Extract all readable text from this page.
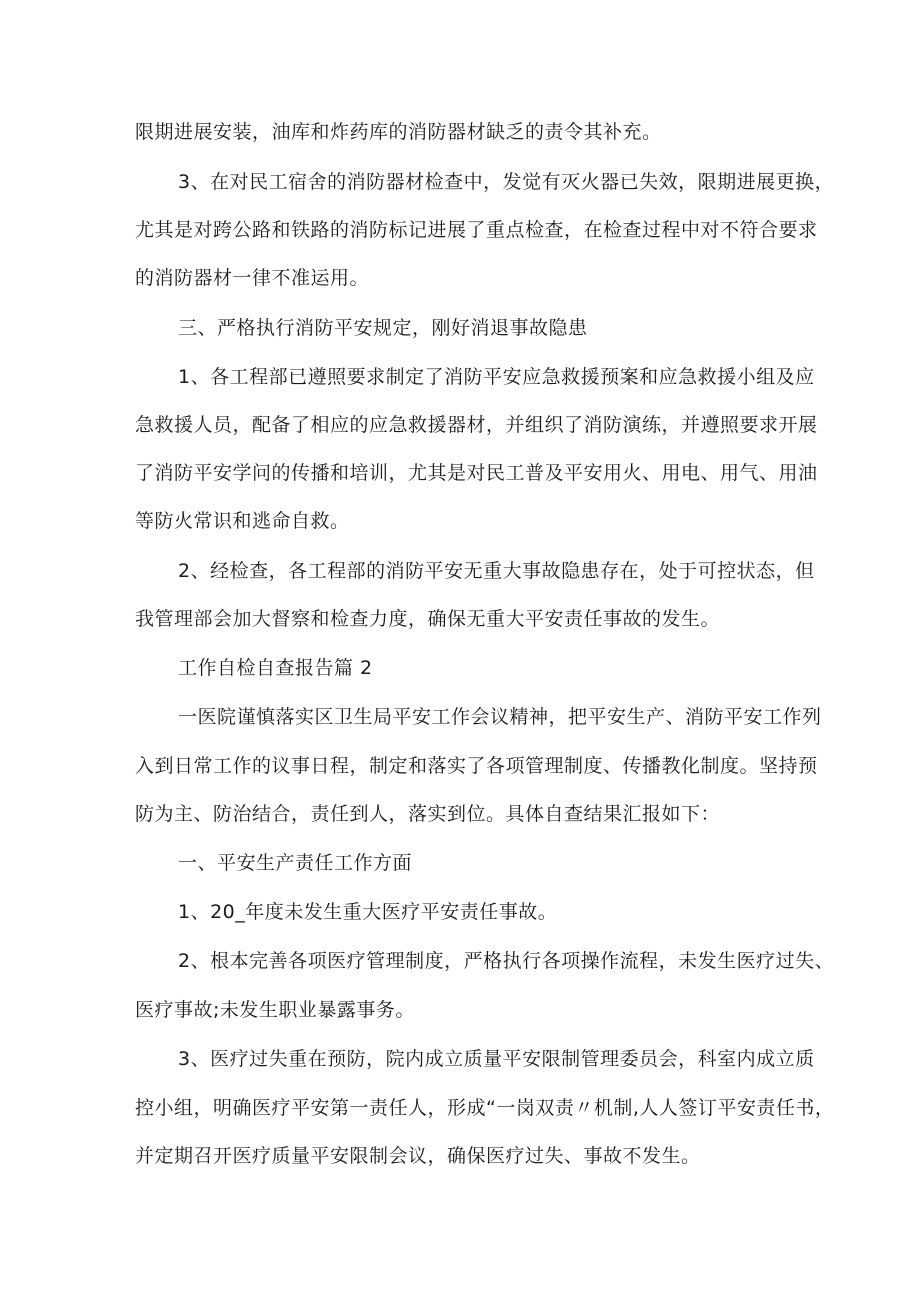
限期进展安装，油库和炸药库的消防器材缺乏的责令其补充。
3、在对民工宿舍的消防器材检查中，发觉有灭火器已失效，限期进展更换，
尤其是对跨公路和铁路的消防标记进展了重点检查，在检查过程中对不符合要求
的消防器材一律不准运用。
三、严格执行消防平安规定，刚好消退事故隐患
1、各工程部已遵照要求制定了消防平安应急救援预案和应急救援小组及应
急救援人员，配备了相应的应急救援器材，并组织了消防演练，并遵照要求开展
了消防平安学问的传播和培训，尤其是对民工普及平安用火、用电、用气、用油
等防火常识和逃命自救。
2、经检查，各工程部的消防平安无重大事故隐患存在，处于可控状态，但
我管理部会加大督察和检查力度，确保无重大平安责任事故的发生。
工作自检自查报告篇 2
一医院谨慎落实区卫生局平安工作会议精神，把平安生产、消防平安工作列
入到日常工作的议事日程，制定和落实了各项管理制度、传播教化制度。坚持预
防为主、防治结合，责任到人，落实到位。具体自查结果汇报如下：
一、平安生产责任工作方面
1、20_年度未发生重大医疗平安责任事故。
2、根本完善各项医疗管理制度，严格执行各项操作流程，未发生医疗过失、
医疗事故;未发生职业暴露事务。
3、医疗过失重在预防，院内成立质量平安限制管理委员会，科室内成立质
控小组，明确医疗平安第一责任人，形成“一岗双责〃机制,人人签订平安责任书，
并定期召开医疗质量平安限制会议，确保医疗过失、事故不发生。
